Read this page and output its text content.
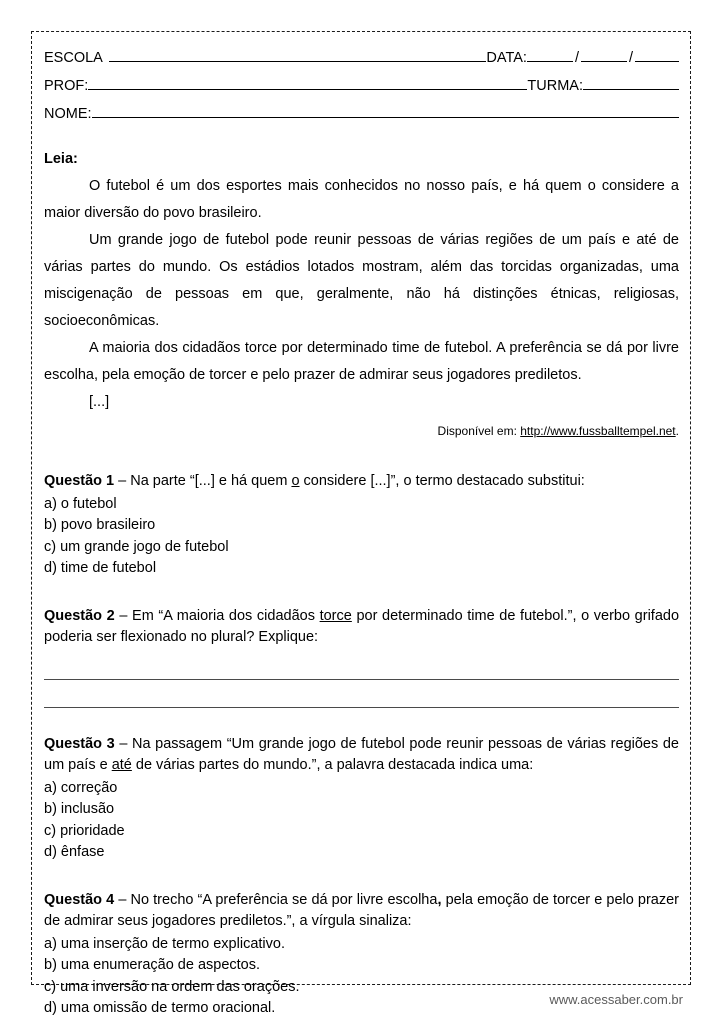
ESCOLA	DATA:	/	/
PROF:	TURMA:
NOME:
Leia:

O futebol é um dos esportes mais conhecidos no nosso país, e há quem o considere a maior diversão do povo brasileiro.

Um grande jogo de futebol pode reunir pessoas de várias regiões de um país e até de várias partes do mundo. Os estádios lotados mostram, além das torcidas organizadas, uma miscigenação de pessoas em que, geralmente, não há distinções étnicas, religiosas, socioeconômicas.

A maioria dos cidadãos torce por determinado time de futebol. A preferência se dá por livre escolha, pela emoção de torcer e pelo prazer de admirar seus jogadores prediletos.

[...]

Disponível em: http://www.fussballtempel.net.

Questão 1 – Na parte “[...] e há quem o considere [...]”, o termo destacado substitui:

a) o futebol

b) povo brasileiro

c) um grande jogo de futebol

d) time de futebol

Questão 2 – Em “A maioria dos cidadãos torce por determinado time de futebol.”, o verbo grifado poderia ser flexionado no plural? Explique:

Questão 3 – Na passagem “Um grande jogo de futebol pode reunir pessoas de várias regiões de um país e até de várias partes do mundo.”, a palavra destacada indica uma:

a) correção

b) inclusão

c) prioridade

d) ênfase

Questão 4 – No trecho “A preferência se dá por livre escolha, pela emoção de torcer e pelo prazer de admirar seus jogadores prediletos.”, a vírgula sinaliza:

a) uma inserção de termo explicativo.

b) uma enumeração de aspectos.

c) uma inversão na ordem das orações.

d) uma omissão de termo oracional.

www.acessaber.com.br
